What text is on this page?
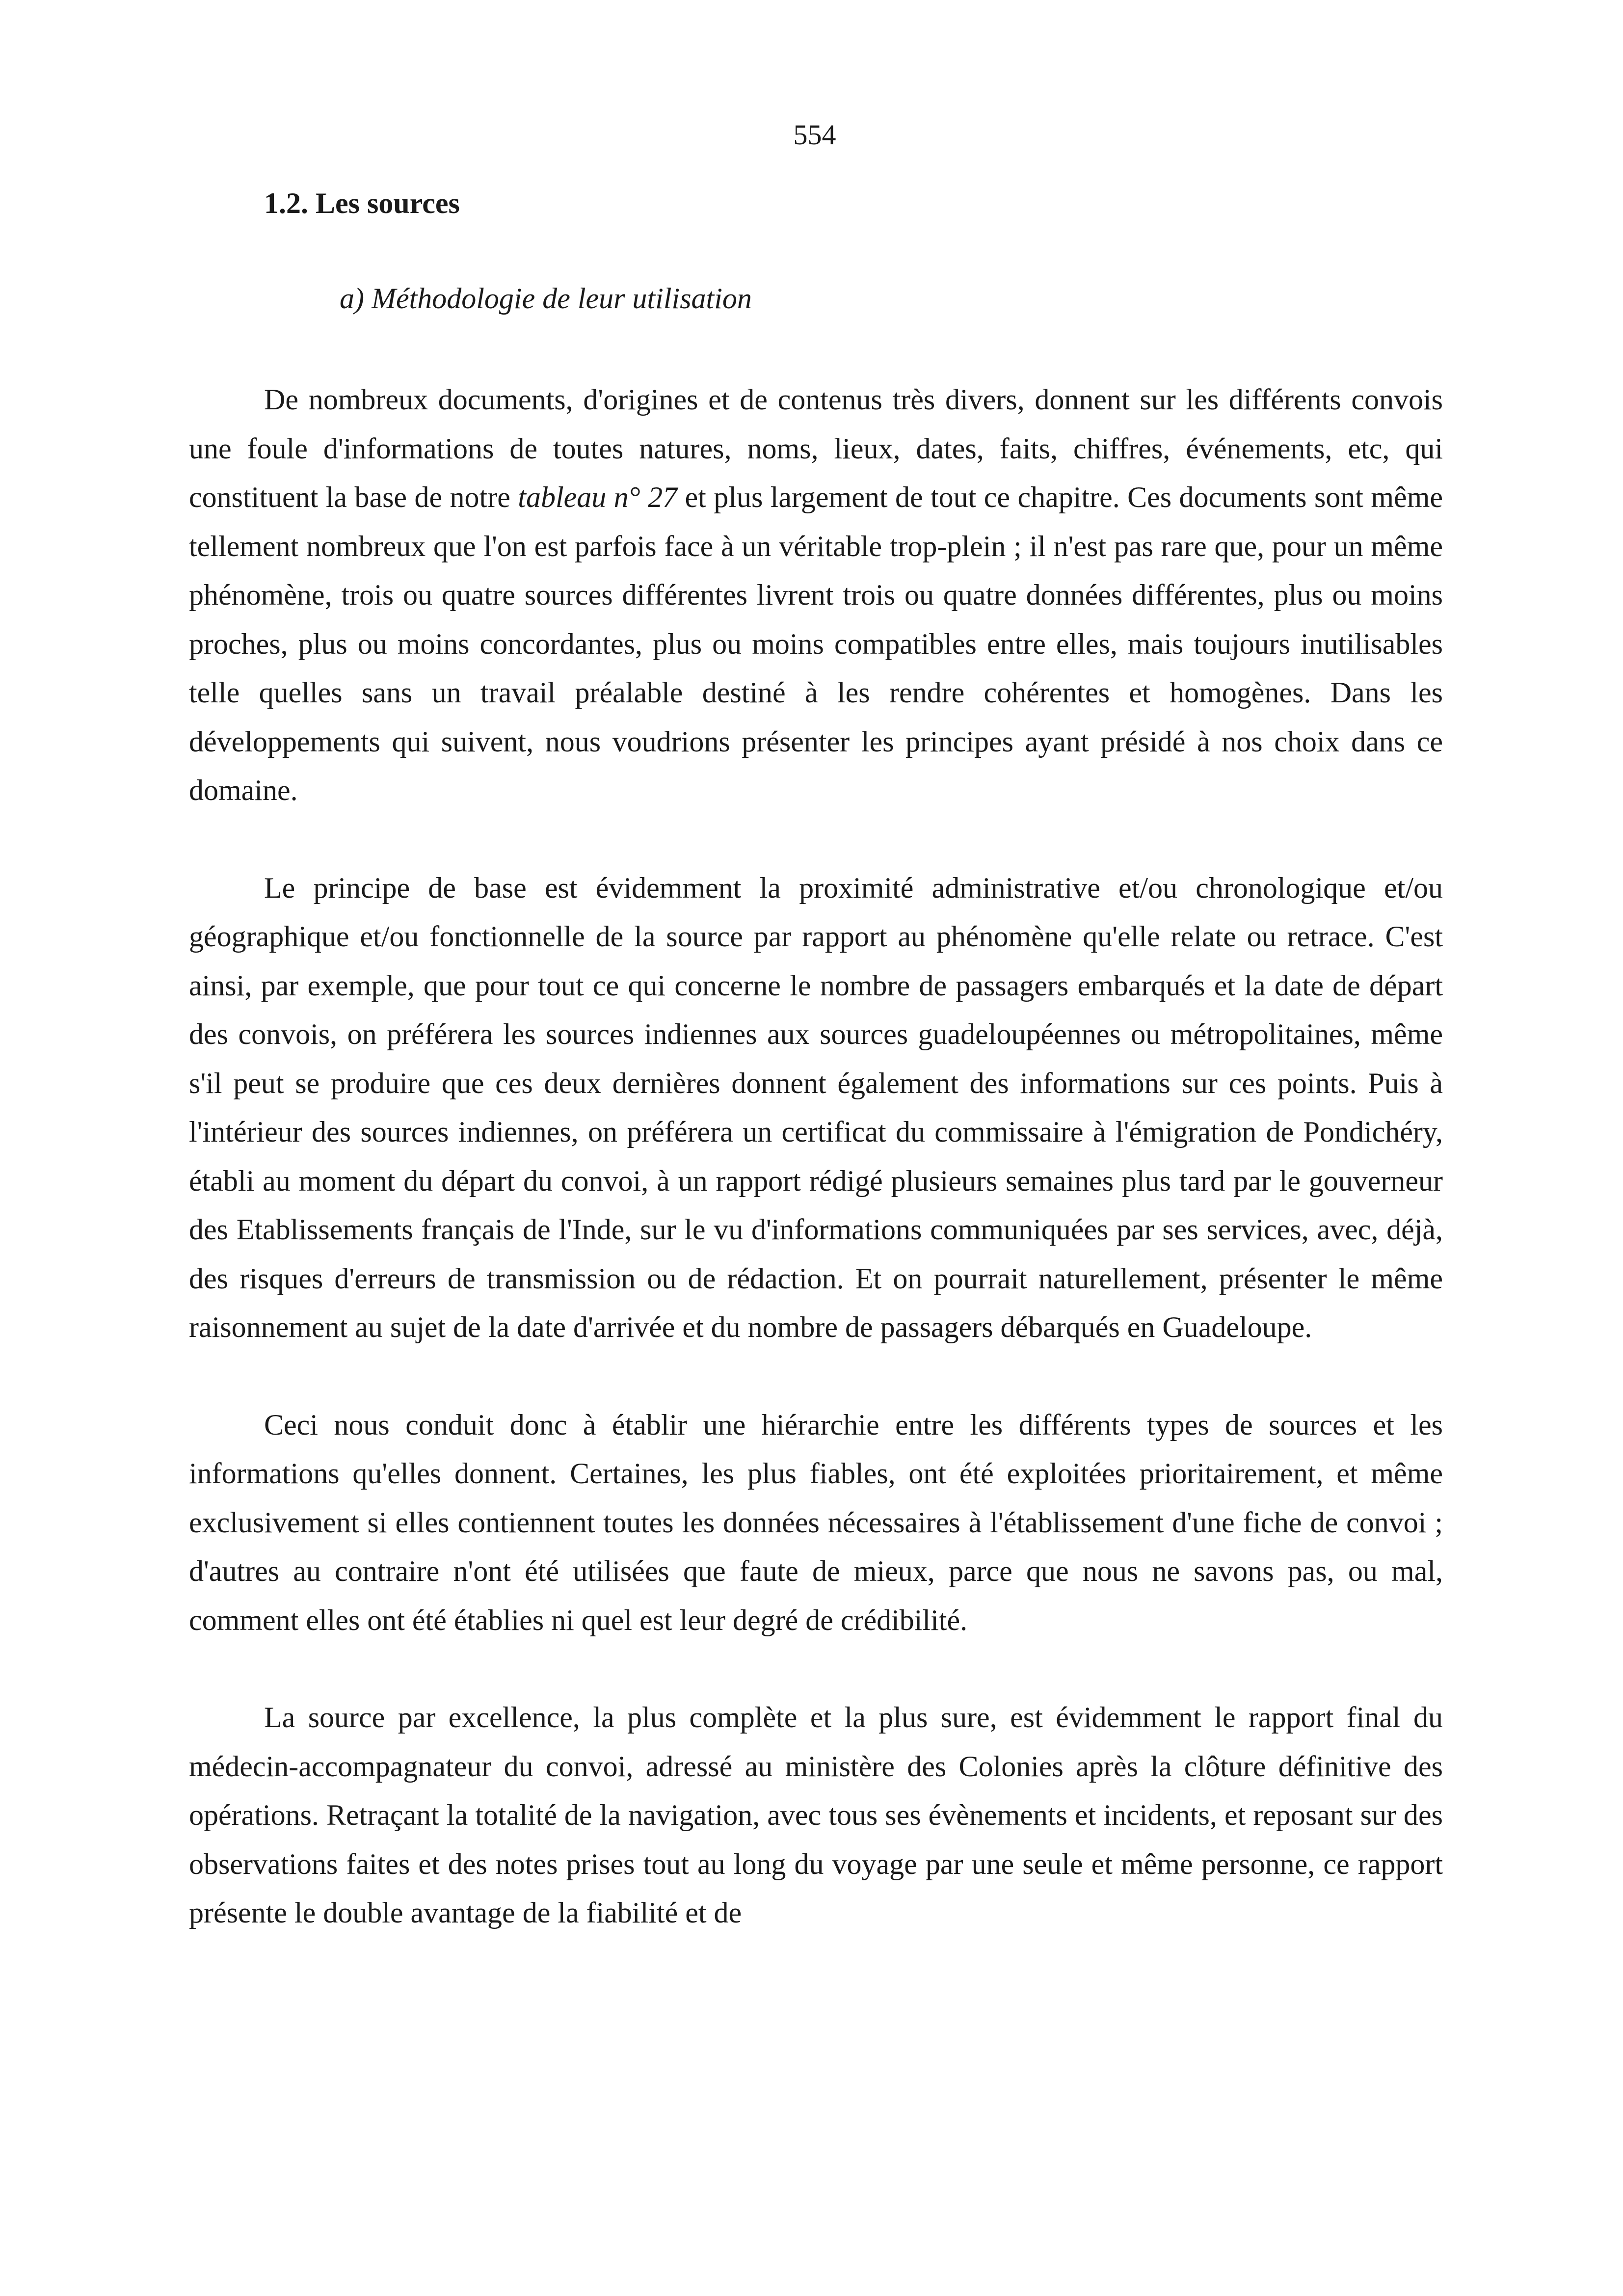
554
1.2. Les sources
a) Méthodologie de leur utilisation

De nombreux documents, d'origines et de contenus très divers, donnent sur les différents convois une foule d'informations de toutes natures, noms, lieux, dates, faits, chiffres, événements, etc, qui constituent la base de notre tableau n° 27 et plus largement de tout ce chapitre. Ces documents sont même tellement nombreux que l'on est parfois face à un véritable trop-plein ; il n'est pas rare que, pour un même phénomène, trois ou quatre sources différentes livrent trois ou quatre données différentes, plus ou moins proches, plus ou moins concordantes, plus ou moins compatibles entre elles, mais toujours inutilisables telle quelles sans un travail préalable destiné à les rendre cohérentes et homogènes. Dans les développements qui suivent, nous voudrions présenter les principes ayant présidé à nos choix dans ce domaine.

Le principe de base est évidemment la proximité administrative et/ou chronologique et/ou géographique et/ou fonctionnelle de la source par rapport au phénomène qu'elle relate ou retrace. C'est ainsi, par exemple, que pour tout ce qui concerne le nombre de passagers embarqués et la date de départ des convois, on préférera les sources indiennes aux sources guadeloupéennes ou métropolitaines, même s'il peut se produire que ces deux dernières donnent également des informations sur ces points. Puis à l'intérieur des sources indiennes, on préférera un certificat du commissaire à l'émigration de Pondichéry, établi au moment du départ du convoi, à un rapport rédigé plusieurs semaines plus tard par le gouverneur des Etablissements français de l'Inde, sur le vu d'informations communiquées par ses services, avec, déjà, des risques d'erreurs de transmission ou de rédaction. Et on pourrait naturellement, présenter le même raisonnement au sujet de la date d'arrivée et du nombre de passagers débarqués en Guadeloupe.

Ceci nous conduit donc à établir une hiérarchie entre les différents types de sources et les informations qu'elles donnent. Certaines, les plus fiables, ont été exploitées prioritairement, et même exclusivement si elles contiennent toutes les données nécessaires à l'établissement d'une fiche de convoi ; d'autres au contraire n'ont été utilisées que faute de mieux, parce que nous ne savons pas, ou mal, comment elles ont été établies ni quel est leur degré de crédibilité.

La source par excellence, la plus complète et la plus sure, est évidemment le rapport final du médecin-accompagnateur du convoi, adressé au ministère des Colonies après la clôture définitive des opérations. Retraçant la totalité de la navigation, avec tous ses évènements et incidents, et reposant sur des observations faites et des notes prises tout au long du voyage par une seule et même personne, ce rapport présente le double avantage de la fiabilité et de
